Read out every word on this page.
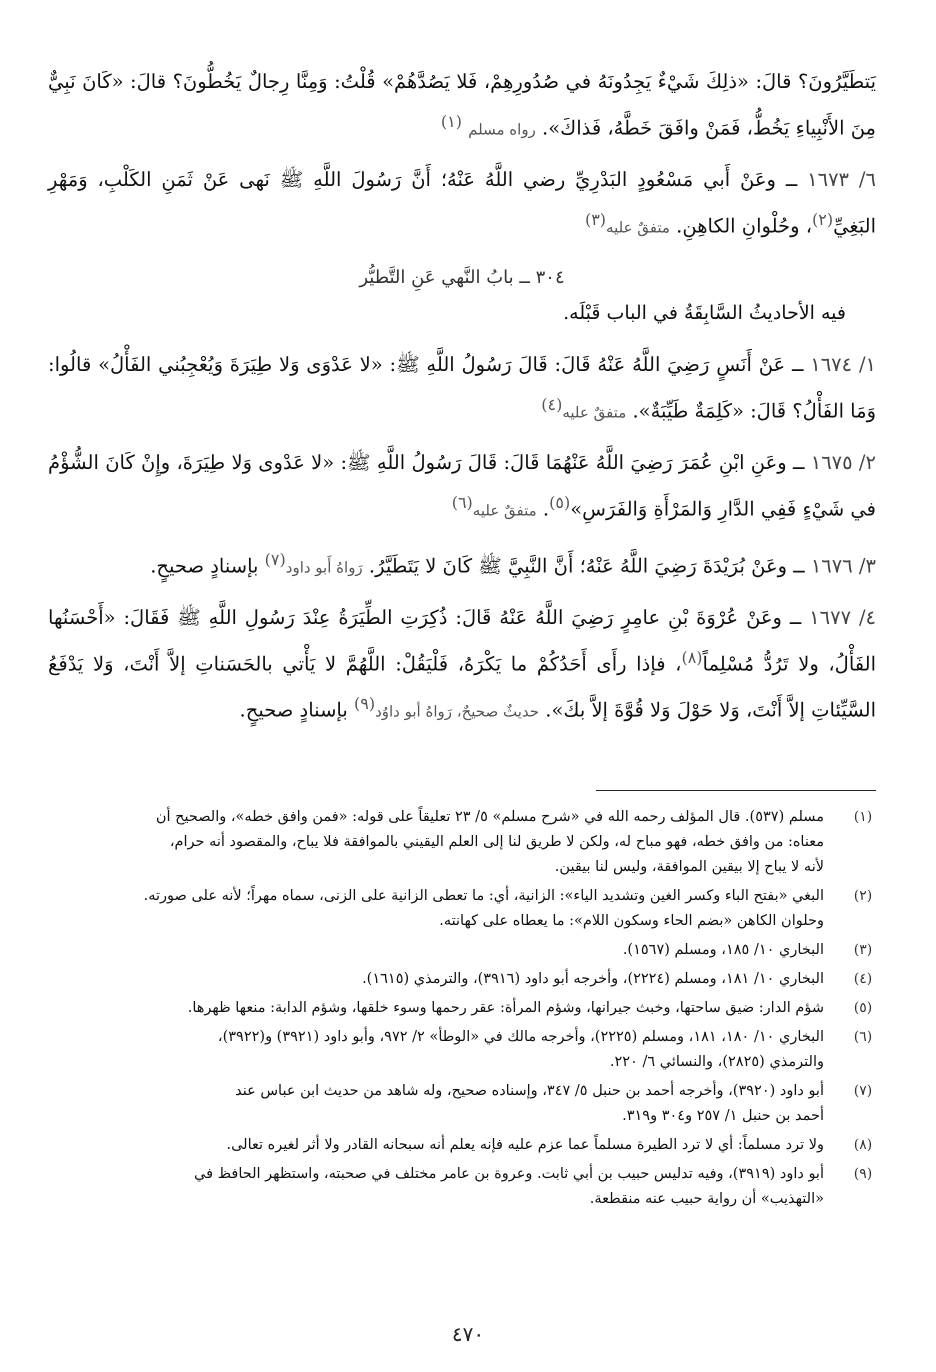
يَتطَيَّرُونَ؟ قالَ: «ذلِكَ شَيْءٌ يَجِدُونَهُ في صُدُورِهِمْ، فَلا يَصُدَّهُمْ» قُلْتُ: وَمِنَّا رِجالٌ يَخُطُّونَ؟ قالَ: «كَانَ نَبِيٌّ مِنَ الأَنْبِياءِ يَخُطُّ، فَمَنْ وافَقَ خَطَّهُ، فَذاكَ». رواه مسلم $^{(١)}$

٦/ ١٦٧٣ ــ وعَنْ أَبي مَسْعُودٍ البَدْرِيِّ رضي اللَّهُ عَنْهُ؛ أَنَّ رَسُولَ اللَّهِ ﷺ نَهى عَنْ ثَمَنِ الكَلْبِ، وَمَهْرِ البَغِيِّ$^{(٢)}$، وحُلْوانِ الكاهِنِ. متفقٌ عليه$^{(٣)}$

٣٠٤ ــ بابُ النَّهي عَنِ التَّطيُّر
فيه الأحاديثُ السَّابِقَةُ في الباب قَبْلَه.

١/ ١٦٧٤ ــ عَنْ أَنَسٍ رَضِيَ اللَّهُ عَنْهُ قَالَ: قَالَ رَسُولُ اللَّهِ ﷺ: «لا عَدْوَى وَلا طِيَرَةَ وَيُعْجِبُني الفَأْلُ» قالُوا: وَمَا الفَأْلُ؟ قَالَ: «كَلِمَةٌ طَيِّبَةٌ». متفقٌ عليه$^{(٤)}$

٢/ ١٦٧٥ ــ وعَنِ ابْنِ عُمَرَ رَضِيَ اللَّهُ عَنْهُمَا قَالَ: قَالَ رَسُولُ اللَّهِ ﷺ: «لا عَدْوى وَلا طِيَرَةَ، وإِنْ كَانَ الشُّؤْمُ في شَيْءٍ فَفِي الدَّارِ وَالمَرْأَةِ وَالفَرَسِ»$^{(٥)}$. متفقٌ عليه$^{(٦)}$

٣/ ١٦٧٦ ــ وعَنْ بُرَيْدَةَ رَضِيَ اللَّهُ عَنْهُ؛ أَنَّ النَّبِيَّ ﷺ كَانَ لا يَتَطَيَّرُ. رَواهُ أَبو داود$^{(٧)}$ بإسنادٍ صحيحٍ.

٤/ ١٦٧٧ ــ وعَنْ عُرْوَةَ بْنِ عامِرٍ رَضِيَ اللَّهُ عَنْهُ قَالَ: ذُكِرَتِ الطِّيَرَةُ عِنْدَ رَسُولِ اللَّهِ ﷺ فَقَالَ: «أَحْسَنُها الفَأْلُ، ولا تَرُدُّ مُسْلِماً$^{(٨)}$، فإذا رأَى أَحَدُكُمْ ما يَكْرَهُ، فَلْيَقُلْ: اللَّهُمَّ لا يَأْتي بالحَسَناتِ إلاَّ أَنْتَ، وَلا يَدْفَعُ السَّيِّئاتِ إلاَّ أَنْتَ، وَلا حَوْلَ وَلا قُوَّةَ إلاَّ بكَ». حديثٌ صحيحٌ، رَواهُ أبو داوُد$^{(٩)}$ بإسنادٍ صحيحٍ.

(١)
مسلم (٥٣٧). قال المؤلف رحمه الله في «شرح مسلم» ٥/ ٢٣ تعليقاً على قوله: «فمن وافق خطه»، والصحيح أن
معناه: من وافق خطه، فهو مباح له، ولكن لا طريق لنا إلى العلم اليقيني بالموافقة فلا يباح، والمقصود أنه حرام،
لأنه لا يباح إلا بيقين الموافقة، وليس لنا بيقين.
(٢)
البغي «بفتح الباء وكسر الغين وتشديد الياء»: الزانية، أي: ما تعطى الزانية على الزنى، سماه مهراً؛ لأنه على صورته.
وحلوان الكاهن «بضم الحاء وسكون اللام»: ما يعطاه على كهانته.
(٣)
البخاري ١٠/ ١٨٥، ومسلم (١٥٦٧).
(٤)
البخاري ١٠/ ١٨١، ومسلم (٢٢٢٤)، وأخرجه أبو داود (٣٩١٦)، والترمذي (١٦١٥).
(٥)
شؤم الدار: ضيق ساحتها، وخبث جيرانها، وشؤم المرأة: عقر رحمها وسوء خلقها، وشؤم الدابة: منعها ظهرها.
(٦)
البخاري ١٠/ ١٨٠، ١٨١، ومسلم (٢٢٢٥)، وأخرجه مالك في «الوطأ» ٢/ ٩٧٢، وأبو داود (٣٩٢١) و(٣٩٢٢)،
والترمذي (٢٨٢٥)، والنسائي ٦/ ٢٢٠.
(٧)
أبو داود (٣٩٢٠)، وأخرجه أحمد بن حنبل ٥/ ٣٤٧، وإسناده صحيح، وله شاهد من حديث ابن عباس عند
أحمد بن حنبل ١/ ٢٥٧ و٣٠٤ و٣١٩.
(٨)
ولا ترد مسلماً: أي لا ترد الطيرة مسلماً عما عزم عليه فإنه يعلم أنه سبحانه القادر ولا أثر لغيره تعالى.
(٩)
أبو داود (٣٩١٩)، وفيه تدليس حبيب بن أبي ثابت. وعروة بن عامر مختلف في صحبته، واستظهر الحافظ في
«التهذيب» أن رواية حبيب عنه منقطعة.
٤٧٠
